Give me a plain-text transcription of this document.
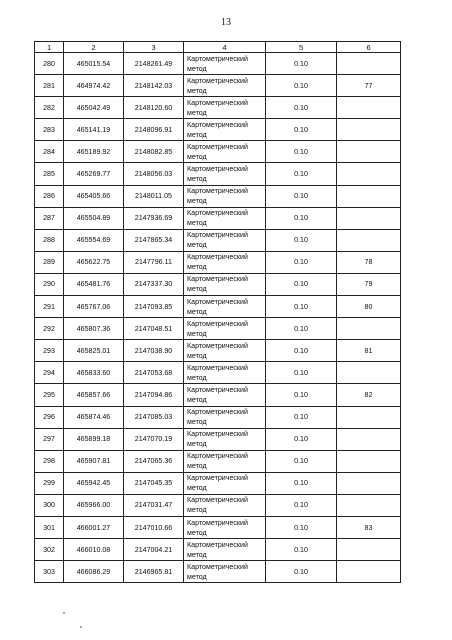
13
1	2	3	4	5	6
280	465015.54	2148261.49	Картометрический метод	0.10	
281	464974.42	2148142.03	Картометрический метод	0.10	77
282	465042.49	2148120.60	Картометрический метод	0.10	
283	465141.19	2148096.91	Картометрический метод	0.10	
284	465189.92	2148082.85	Картометрический метод	0.10	
285	465269.77	2148056.03	Картометрический метод	0.10	
286	465405.66	2148011.05	Картометрический метод	0.10	
287	465504.89	2147936.69	Картометрический метод	0.10	
288	465554.69	2147865.34	Картометрический метод	0.10	
289	465622.75	2147796.11	Картометрический метод	0.10	78
290	465481.76	2147337.30	Картометрический метод	0.10	79
291	465767.06	2147093.85	Картометрический метод	0.10	80
292	465807.36	2147048.51	Картометрический метод	0.10	
293	465825.01	2147038.90	Картометрический метод	0.10	81
294	465833.60	2147053.68	Картометрический метод	0.10	
295	465857.66	2147094.86	Картометрический метод	0.10	82
296	465874.46	2147085.03	Картометрический метод	0.10	
297	465899.18	2147070.19	Картометрический метод	0.10	
298	465907.81	2147065.36	Картометрический метод	0.10	
299	465942.45	2147045.35	Картометрический метод	0.10	
300	465966.00	2147031.47	Картометрический метод	0.10	
301	466001.27	2147010.66	Картометрический метод	0.10	83
302	466010.08	2147004.21	Картометрический метод	0.10	
303	466086.29	2146965.81	Картометрический метод	0.10	
